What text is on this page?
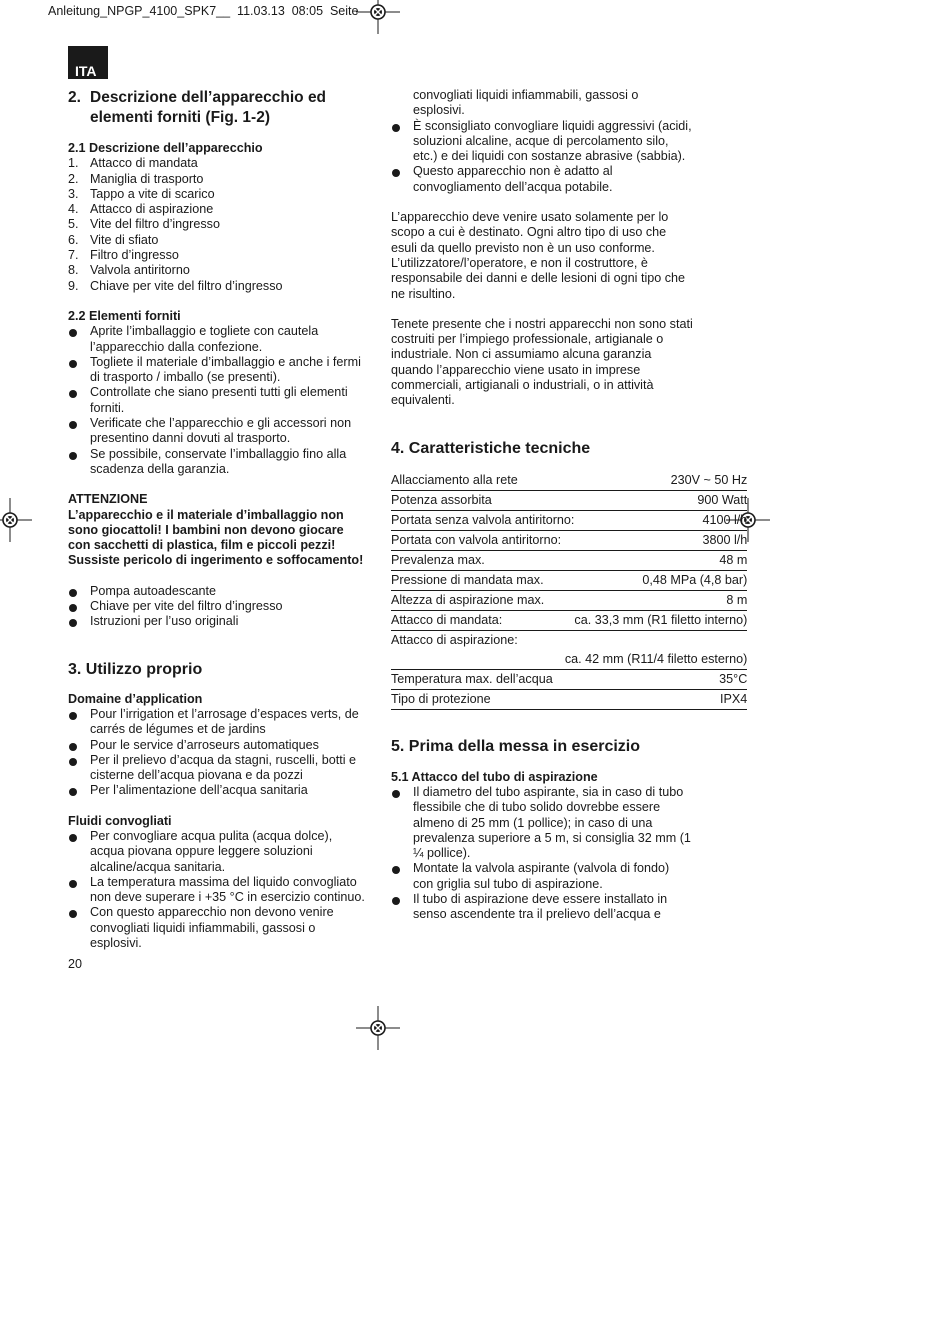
Anleitung_NPGP_4100_SPK7__ 11.03.13 08:05 Seite
ITA
2. Descrizione dell’apparecchio ed
elementi forniti (Fig. 1-2)
2.1 Descrizione dell’apparecchio
1. Attacco di mandata
2. Maniglia di trasporto
3. Tappo a vite di scarico
4. Attacco di aspirazione
5. Vite del filtro d’ingresso
6. Vite di sfiato
7. Filtro d’ingresso
8. Valvola antiritorno
9. Chiave per vite del filtro d’ingresso
2.2 Elementi forniti
Aprite l’imballaggio e togliete con cautela l’apparecchio dalla confezione.
Togliete il materiale d’imballaggio e anche i fermi di trasporto / imballo (se presenti).
Controllate che siano presenti tutti gli elementi forniti.
Verificate che l’apparecchio e gli accessori non presentino danni dovuti al trasporto.
Se possibile, conservate l’imballaggio fino alla scadenza della garanzia.

ATTENZIONE

L’apparecchio e il materiale d’imballaggio non sono giocattoli! I bambini non devono giocare con sacchetti di plastica, film e piccoli pezzi! Sussiste pericolo di ingerimento e soffocamento!

Pompa autoadescante
Chiave per vite del filtro d’ingresso
Istruzioni per l’uso originali
3. Utilizzo proprio
Domaine d’application
Pour l’irrigation et l’arrosage d’espaces verts, de carrés de légumes et de jardins
Pour le service d’arroseurs automatiques
Per il prelievo d’acqua da stagni, ruscelli, botti e cisterne dell’acqua piovana e da pozzi
Per l’alimentazione dell’acqua sanitaria
Fluidi convogliati
Per convogliare acqua pulita (acqua dolce), acqua piovana oppure leggere soluzioni alcaline/acqua sanitaria.
La temperatura massima del liquido convogliato non deve superare i +35 °C in esercizio continuo.
Con questo apparecchio non devono venire convogliati liquidi infiammabili, gassosi o esplosivi.
20

convogliati liquidi infiammabili, gassosi o esplosivi.

È sconsigliato convogliare liquidi aggressivi (acidi, soluzioni alcaline, acque di percolamento silo, etc.) e dei liquidi con sostanze abrasive (sabbia).
Questo apparecchio non è adatto al convogliamento dell’acqua potabile.

L’apparecchio deve venire usato solamente per lo scopo a cui è destinato. Ogni altro tipo di uso che esuli da quello previsto non è un uso conforme. L’utilizzatore/l’operatore, e non il costruttore, è responsabile dei danni e delle lesioni di ogni tipo che ne risultino.

Tenete presente che i nostri apparecchi non sono stati costruiti per l’impiego professionale, artigianale o industriale. Non ci assumiamo alcuna garanzia quando l’apparecchio viene usato in imprese commerciali, artigianali o industriali, o in attività equivalenti.

4. Caratteristiche tecniche
Allacciamento alla rete	230V ~ 50 Hz
Potenza assorbita	900 Watt
Portata senza valvola antiritorno:	4100 l/h
Portata con valvola antiritorno:	3800 l/h
Prevalenza max.	48 m
Pressione di mandata max.	0,48 MPa (4,8 bar)
Altezza di aspirazione max.	8 m
Attacco di mandata:	ca. 33,3 mm (R1 filetto interno)

Attacco di aspirazione:
ca. 42 mm (R11/4 filetto esterno)	

Temperatura max. dell’acqua	35°C
Tipo di protezione	IPX4
5. Prima della messa in esercizio
5.1 Attacco del tubo di aspirazione
Il diametro del tubo aspirante, sia in caso di tubo flessibile che di tubo solido dovrebbe essere almeno di 25 mm (1 pollice); in caso di una prevalenza superiore a 5 m, si consiglia 32 mm (1 ¼ pollice).
Montate la valvola aspirante (valvola di fondo) con griglia sul tubo di aspirazione.
Il tubo di aspirazione deve essere installato in senso ascendente tra il prelievo dell’acqua e
